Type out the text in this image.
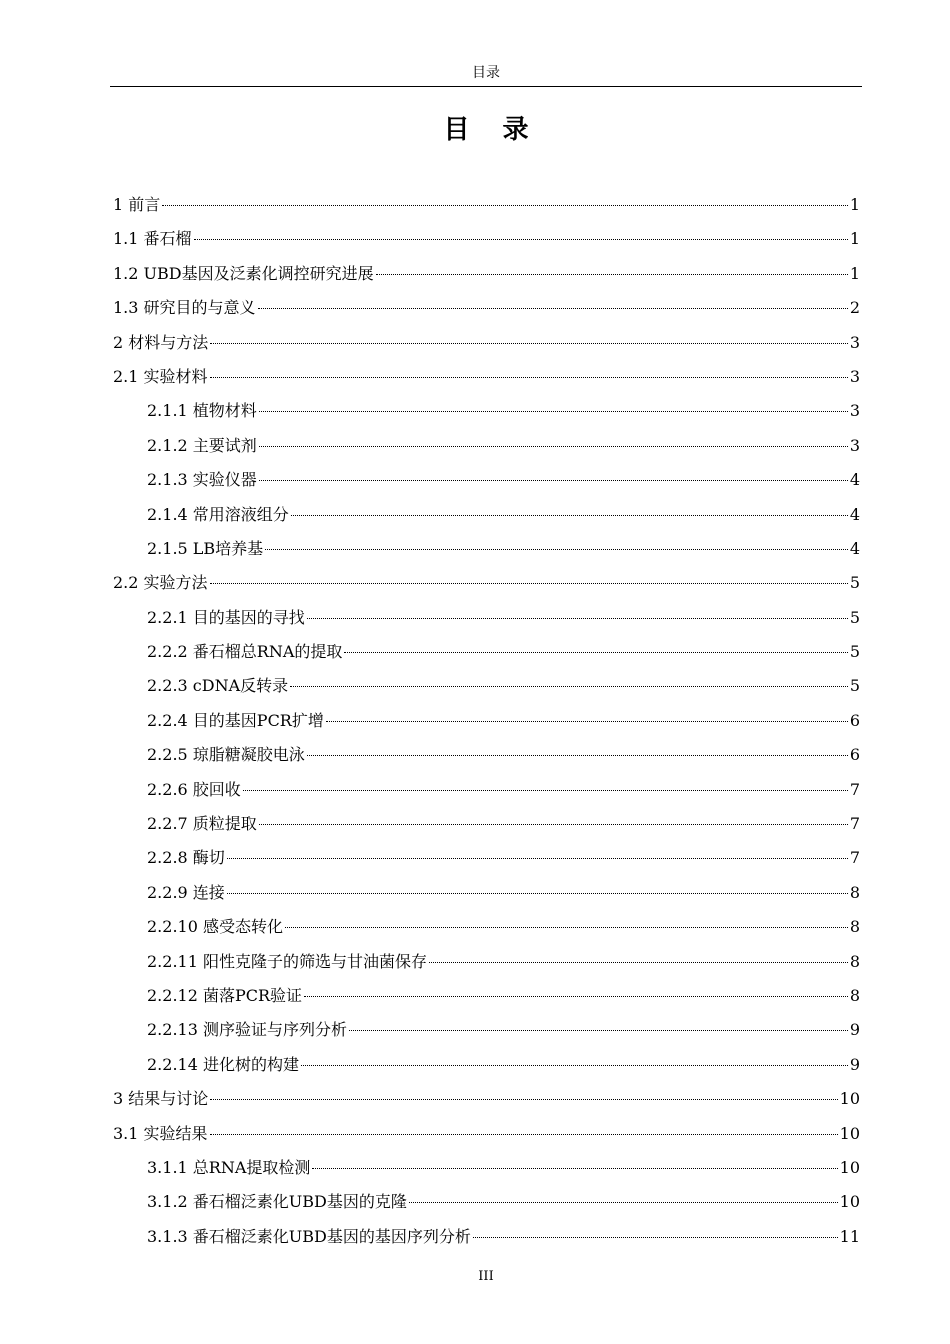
目录
目 录
1 前言	1
1.1 番石榴	1
1.2 UBD基因及泛素化调控研究进展	1
1.3 研究目的与意义	2
2 材料与方法	3
2.1 实验材料	3
2.1.1 植物材料	3
2.1.2 主要试剂	3
2.1.3 实验仪器	4
2.1.4 常用溶液组分	4
2.1.5 LB培养基	4
2.2 实验方法	5
2.2.1 目的基因的寻找	5
2.2.2 番石榴总RNA的提取	5
2.2.3 cDNA反转录	5
2.2.4 目的基因PCR扩增	6
2.2.5 琼脂糖凝胶电泳	6
2.2.6 胶回收	7
2.2.7 质粒提取	7
2.2.8 酶切	7
2.2.9 连接	8
2.2.10 感受态转化	8
2.2.11 阳性克隆子的筛选与甘油菌保存	8
2.2.12 菌落PCR验证	8
2.2.13 测序验证与序列分析	9
2.2.14 进化树的构建	9
3 结果与讨论	10
3.1 实验结果	10
3.1.1 总RNA提取检测	10
3.1.2 番石榴泛素化UBD基因的克隆	10
3.1.3 番石榴泛素化UBD基因的基因序列分析	11
III
